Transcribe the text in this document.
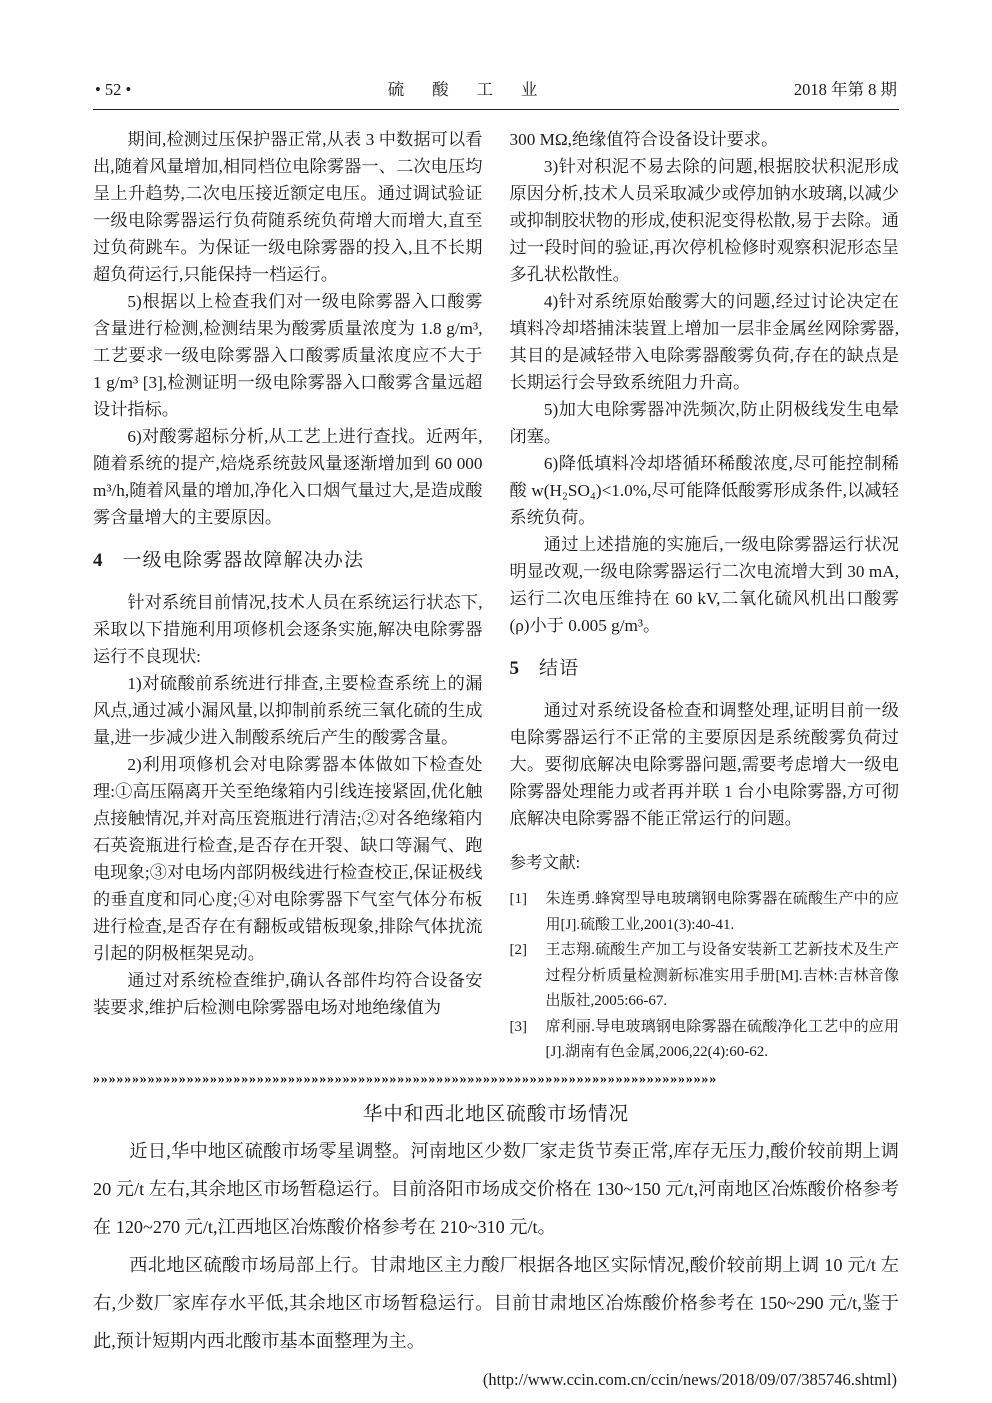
• 52 •	硫 酸 工 业	2018 年第 8 期

期间,检测过压保护器正常,从表 3 中数据可以看出,随着风量增加,相同档位电除雾器一、二次电压均呈上升趋势,二次电压接近额定电压。通过调试验证一级电除雾器运行负荷随系统负荷增大而增大,直至过负荷跳车。为保证一级电除雾器的投入,且不长期超负荷运行,只能保持一档运行。

5)根据以上检查我们对一级电除雾器入口酸雾含量进行检测,检测结果为酸雾质量浓度为 1.8 g/m³,工艺要求一级电除雾器入口酸雾质量浓度应不大于 1 g/m³ [3],检测证明一级电除雾器入口酸雾含量远超设计指标。

6)对酸雾超标分析,从工艺上进行查找。近两年,随着系统的提产,焙烧系统鼓风量逐渐增加到 60 000 m³/h,随着风量的增加,净化入口烟气量过大,是造成酸雾含量增大的主要原因。

4 一级电除雾器故障解决办法

针对系统目前情况,技术人员在系统运行状态下,采取以下措施利用项修机会逐条实施,解决电除雾器运行不良现状:

1)对硫酸前系统进行排查,主要检查系统上的漏风点,通过减小漏风量,以抑制前系统三氧化硫的生成量,进一步减少进入制酸系统后产生的酸雾含量。

2)利用项修机会对电除雾器本体做如下检查处理:①高压隔离开关至绝缘箱内引线连接紧固,优化触点接触情况,并对高压瓷瓶进行清洁;②对各绝缘箱内石英瓷瓶进行检查,是否存在开裂、缺口等漏气、跑电现象;③对电场内部阴极线进行检查校正,保证极线的垂直度和同心度;④对电除雾器下气室气体分布板进行检查,是否存在有翻板或错板现象,排除气体扰流引起的阴极框架晃动。

通过对系统检查维护,确认各部件均符合设备安装要求,维护后检测电除雾器电场对地绝缘值为

300 MΩ,绝缘值符合设备设计要求。

3)针对积泥不易去除的问题,根据胶状积泥形成原因分析,技术人员采取减少或停加钠水玻璃,以减少或抑制胶状物的形成,使积泥变得松散,易于去除。通过一段时间的验证,再次停机检修时观察积泥形态呈多孔状松散性。

4)针对系统原始酸雾大的问题,经过讨论决定在填料冷却塔捕沫装置上增加一层非金属丝网除雾器,其目的是减轻带入电除雾器酸雾负荷,存在的缺点是长期运行会导致系统阻力升高。

5)加大电除雾器冲洗频次,防止阴极线发生电晕闭塞。

6)降低填料冷却塔循环稀酸浓度,尽可能控制稀酸 w(H₂SO₄)<1.0%,尽可能降低酸雾形成条件,以减轻系统负荷。

通过上述措施的实施后,一级电除雾器运行状况明显改观,一级电除雾器运行二次电流增大到 30 mA,运行二次电压维持在 60 kV,二氧化硫风机出口酸雾(ρ)小于 0.005 g/m³。

5 结语

通过对系统设备检查和调整处理,证明目前一级电除雾器运行不正常的主要原因是系统酸雾负荷过大。要彻底解决电除雾器问题,需要考虑增大一级电除雾器处理能力或者再并联 1 台小电除雾器,方可彻底解决电除雾器不能正常运行的问题。

参考文献:

[1]	朱连勇.蜂窝型导电玻璃钢电除雾器在硫酸生产中的应用[J].硫酸工业,2001(3):40-41.
[2]	王志翔.硫酸生产加工与设备安装新工艺新技术及生产过程分析质量检测新标准实用手册[M].吉林:吉林音像出版社,2005:66-67.
[3]	席利丽.导电玻璃钢电除雾器在硫酸净化工艺中的应用[J].湖南有色金属,2006,22(4):60-62.
»»»»»»»»»»»»»»»»»»»»»»»»»»»»»»»»»»»»»»»»»»»»»»»»»»»»»»»»»»»»»»»»»»»»»»»»»»»»»»»»
华中和西北地区硫酸市场情况

近日,华中地区硫酸市场零星调整。河南地区少数厂家走货节奏正常,库存无压力,酸价较前期上调 20 元/t 左右,其余地区市场暂稳运行。目前洛阳市场成交价格在 130~150 元/t,河南地区冶炼酸价格参考在 120~270 元/t,江西地区冶炼酸价格参考在 210~310 元/t。

西北地区硫酸市场局部上行。甘肃地区主力酸厂根据各地区实际情况,酸价较前期上调 10 元/t 左右,少数厂家库存水平低,其余地区市场暂稳运行。目前甘肃地区冶炼酸价格参考在 150~290 元/t,鉴于此,预计短期内西北酸市基本面整理为主。

(http://www.ccin.com.cn/ccin/news/2018/09/07/385746.shtml)
